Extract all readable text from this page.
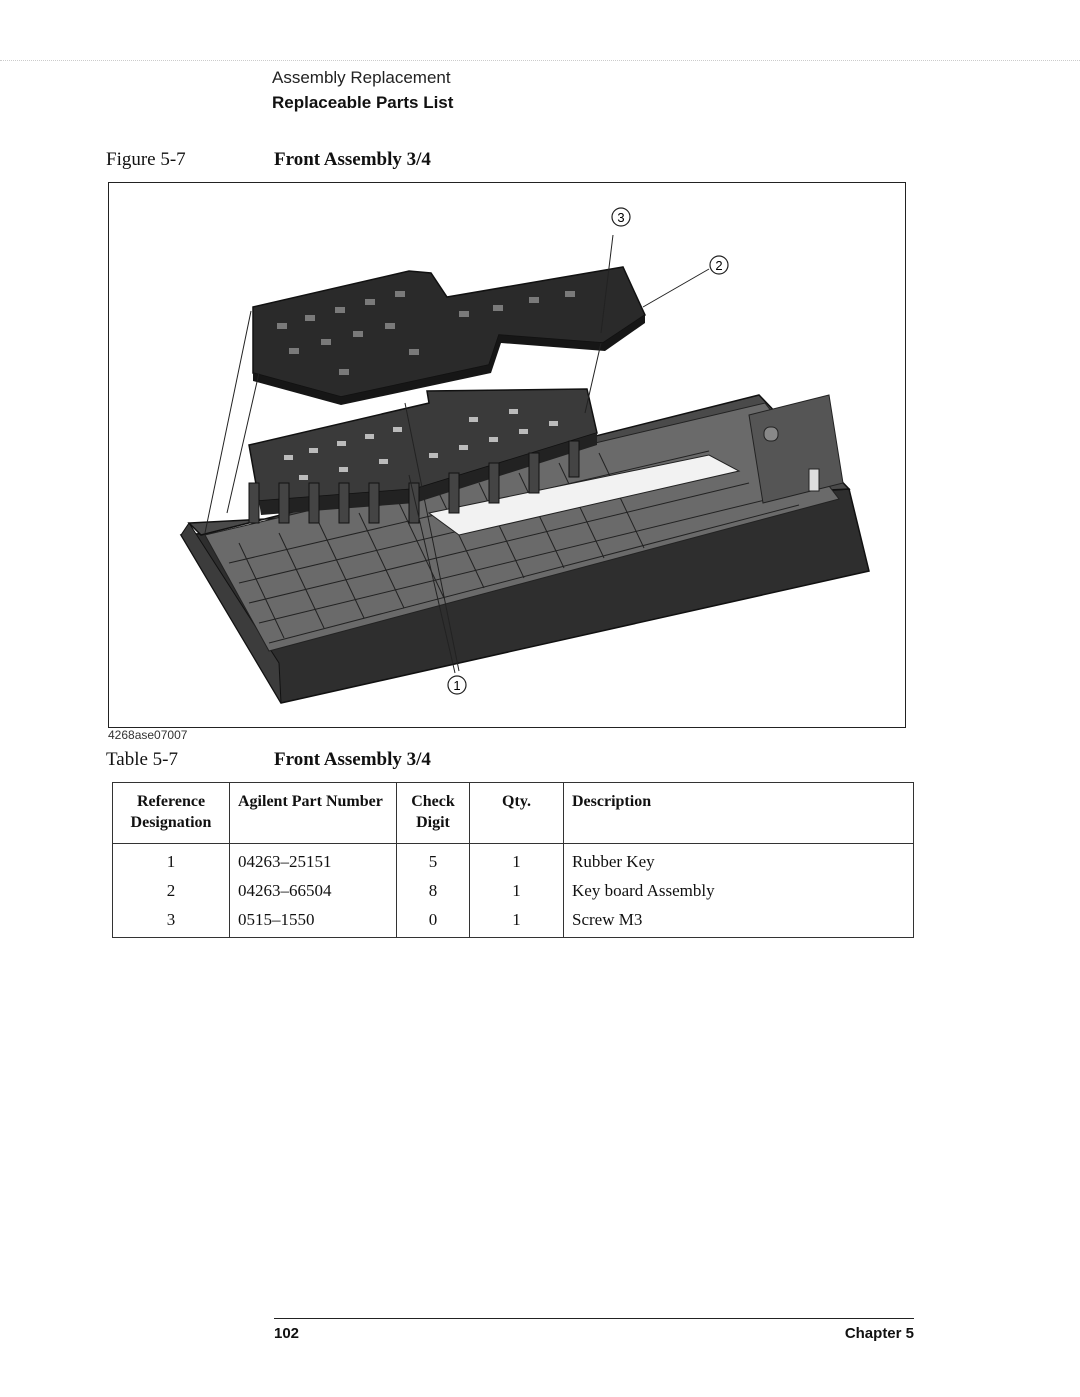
Assembly Replacement
Replaceable Parts List
Figure 5-7	Front Assembly 3/4
3
2
1
4268ase07007
Table 5-7	Front Assembly 3/4
Reference Designation	Agilent Part Number	Check Digit	Qty.	Description
1	04263–25151	5	1	Rubber Key
2	04263–66504	8	1	Key board Assembly
3	0515–1550	0	1	Screw M3
102	Chapter 5
